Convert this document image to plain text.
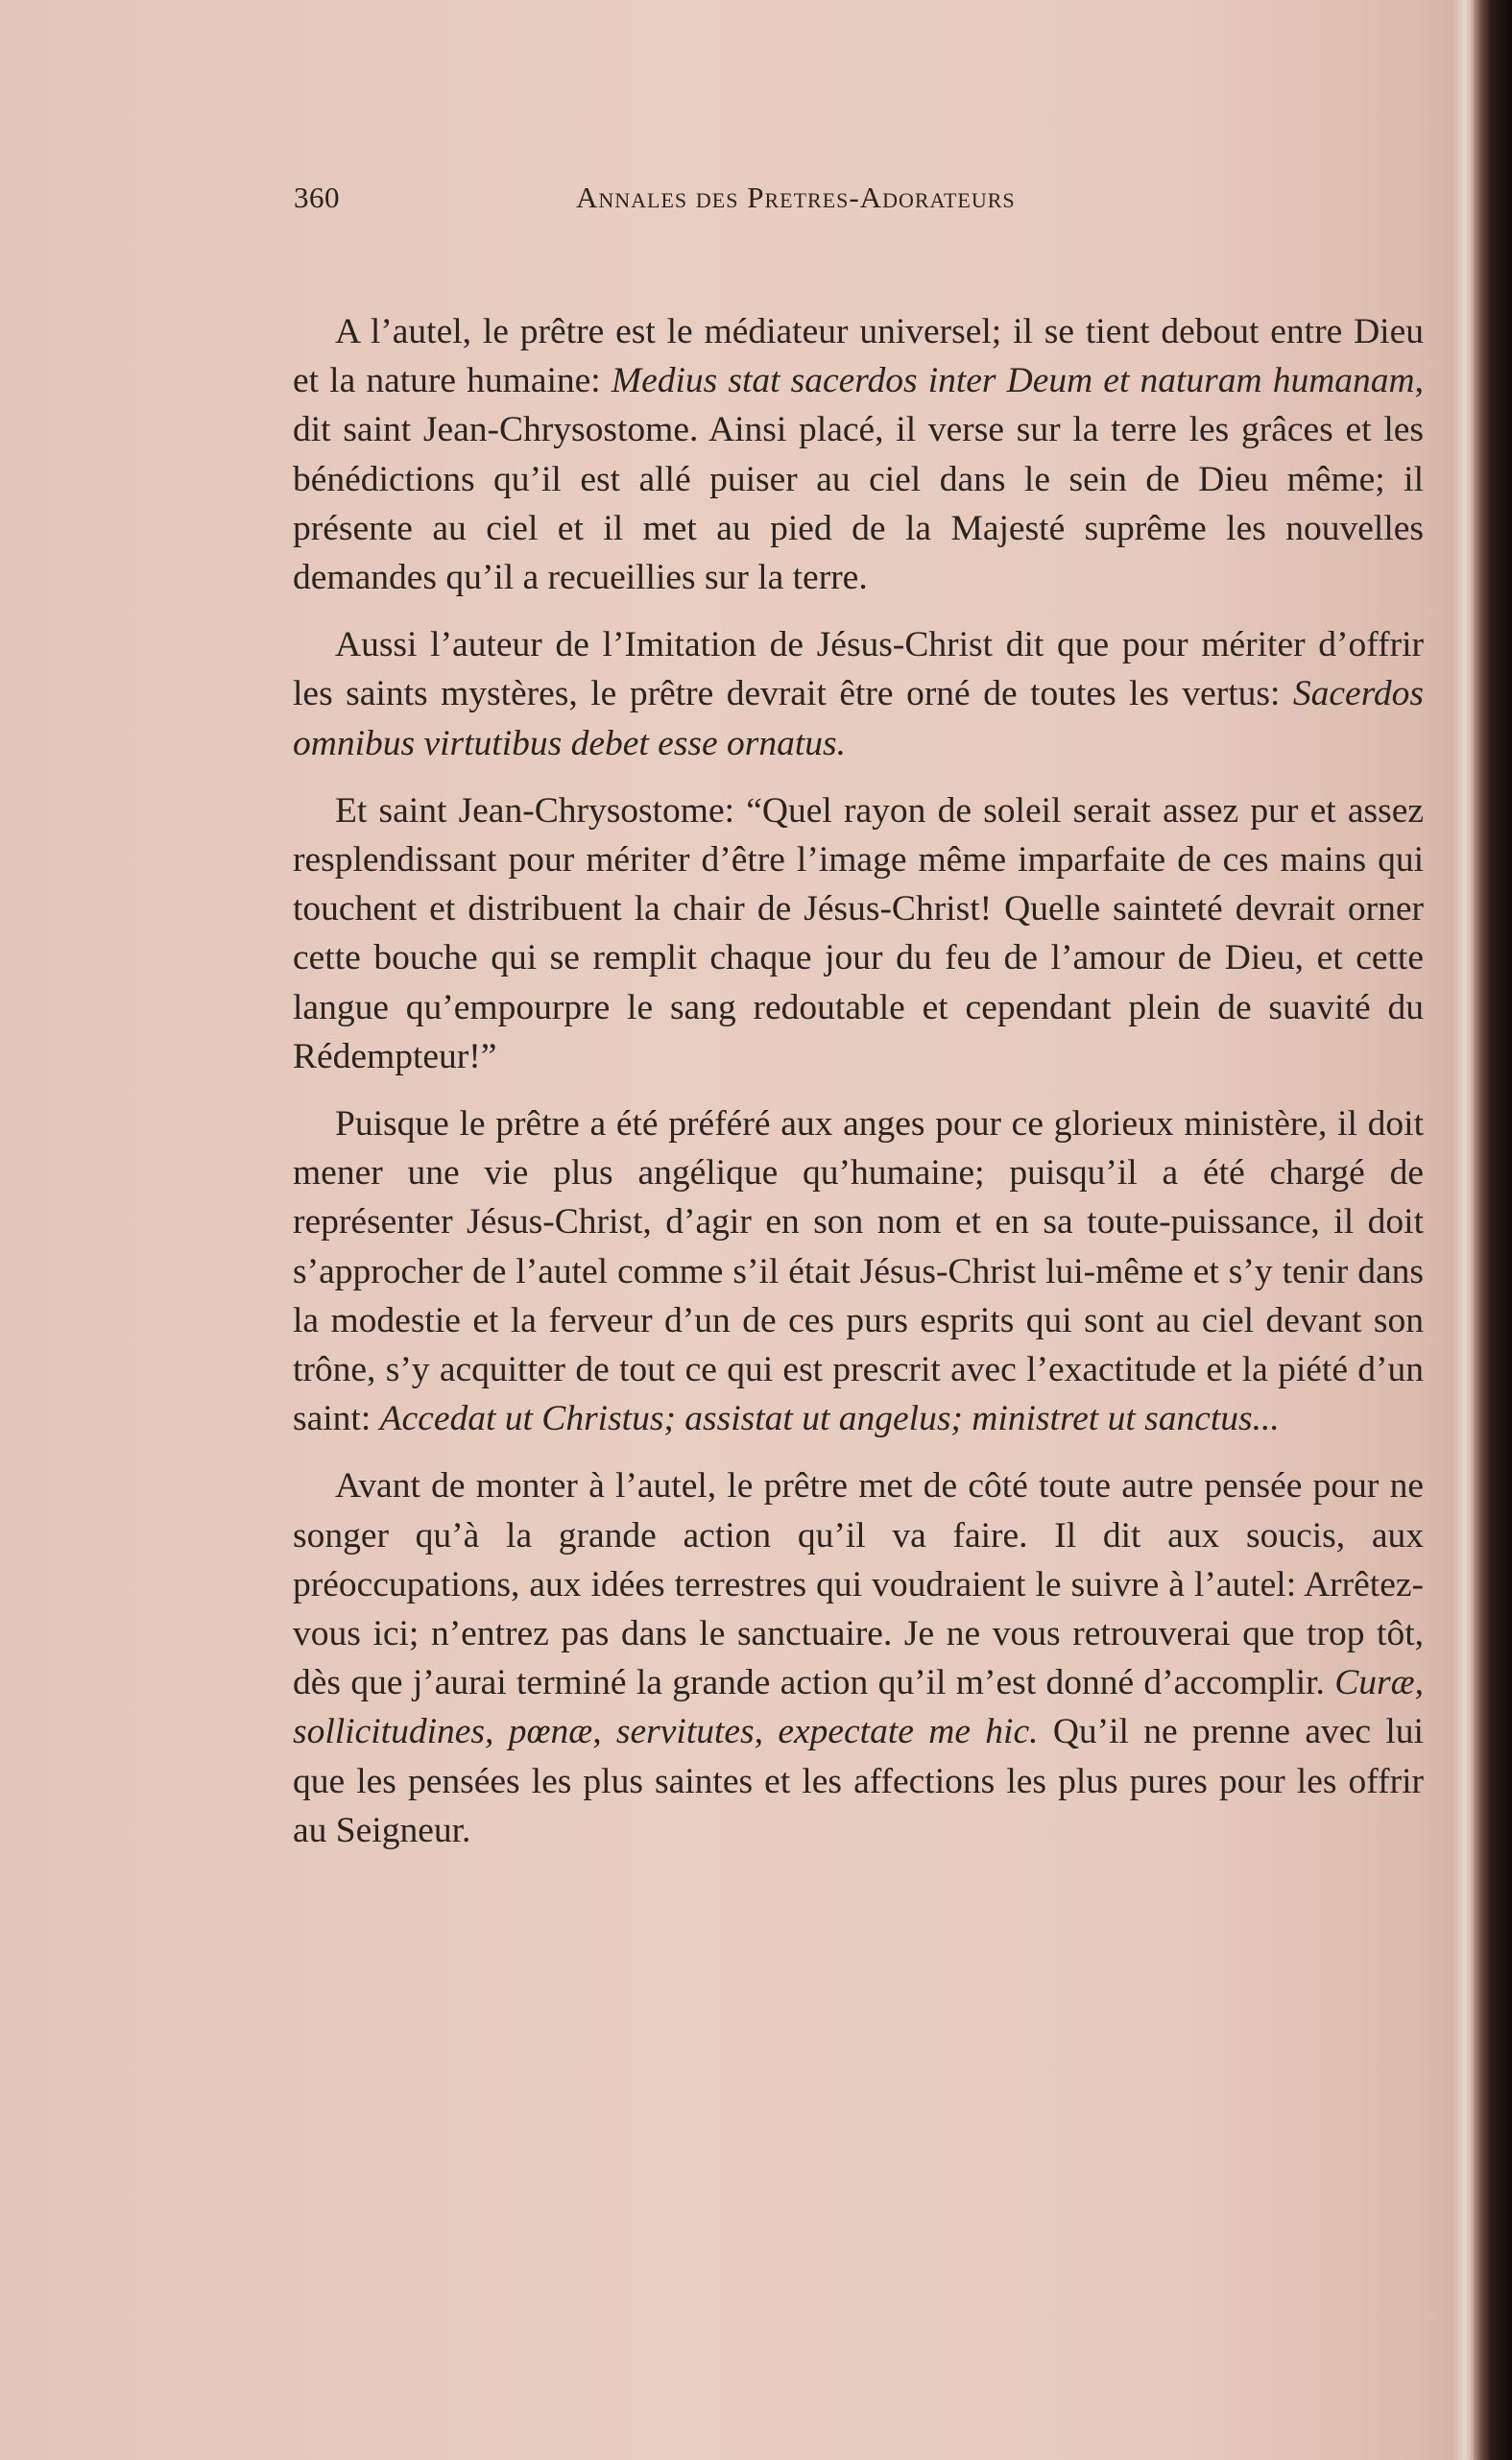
360	Annales des Pretres-Adorateurs

A l’autel, le prêtre est le médiateur universel; il se tient debout entre Dieu et la nature humaine: Medius stat sacerdos inter Deum et naturam humanam, dit saint Jean-Chrysostome. Ainsi placé, il verse sur la terre les grâces et les bénédictions qu’il est allé puiser au ciel dans le sein de Dieu même; il présente au ciel et il met au pied de la Majesté suprême les nouvelles demandes qu’il a recueillies sur la terre.

Aussi l’auteur de l’Imitation de Jésus-Christ dit que pour mériter d’offrir les saints mystères, le prêtre devrait être orné de toutes les vertus: Sacerdos omnibus virtutibus debet esse ornatus.

Et saint Jean-Chrysostome: “Quel rayon de soleil serait assez pur et assez resplendissant pour mériter d’être l’image même imparfaite de ces mains qui touchent et distribuent la chair de Jésus-Christ! Quelle sainteté devrait orner cette bouche qui se remplit chaque jour du feu de l’amour de Dieu, et cette langue qu’empourpre le sang redoutable et cependant plein de suavité du Rédempteur!”

Puisque le prêtre a été préféré aux anges pour ce glorieux ministère, il doit mener une vie plus angélique qu’humaine; puisqu’il a été chargé de représenter Jésus-Christ, d’agir en son nom et en sa toute-puissance, il doit s’approcher de l’autel comme s’il était Jésus-Christ lui-même et s’y tenir dans la modestie et la ferveur d’un de ces purs esprits qui sont au ciel devant son trône, s’y acquitter de tout ce qui est prescrit avec l’exactitude et la piété d’un saint: Accedat ut Christus; assistat ut angelus; ministret ut sanctus...

Avant de monter à l’autel, le prêtre met de côté toute autre pensée pour ne songer qu’à la grande action qu’il va faire. Il dit aux soucis, aux préoccupations, aux idées terrestres qui voudraient le suivre à l’autel: Arrêtez-vous ici; n’entrez pas dans le sanctuaire. Je ne vous retrouverai que trop tôt, dès que j’aurai terminé la grande action qu’il m’est donné d’accomplir. Curæ, sollicitudines, pœnæ, servitutes, expectate me hic. Qu’il ne prenne avec lui que les pensées les plus saintes et les affections les plus pures pour les offrir au Seigneur.
